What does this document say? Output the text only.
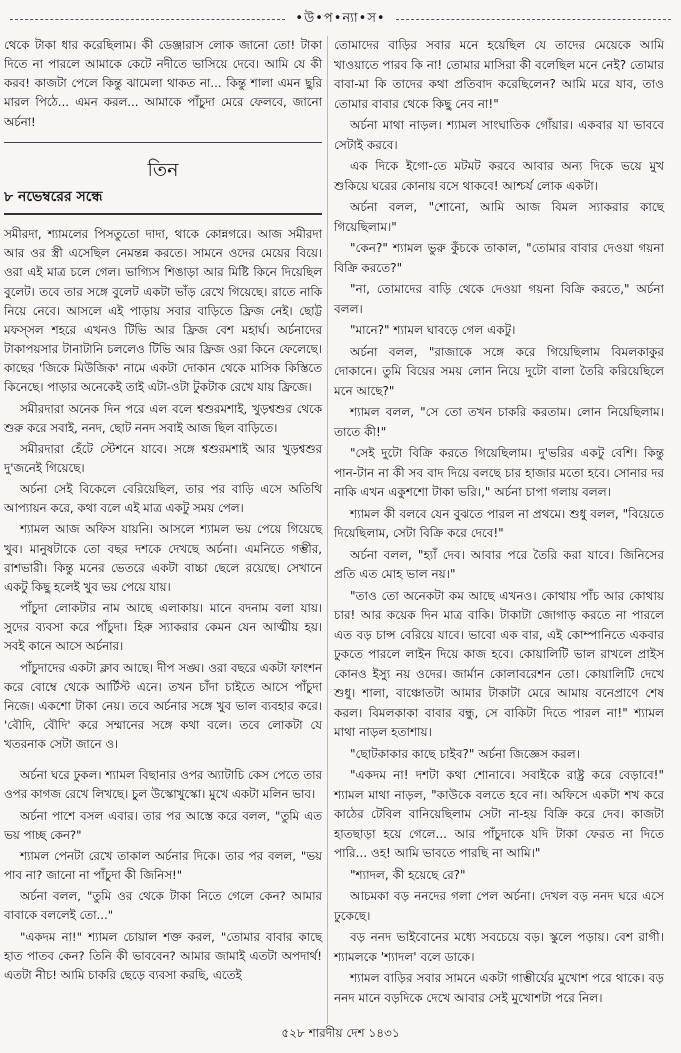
•উ•প•ন্যা•স•

থেকে টাকা ধার করেছিলাম। কী ডেঞ্জারাস লোক জানো তো! টাকা দিতে না পারলে আমাকে কেটে নদীতে ভাসিয়ে দেবে। আমি যে কী করব! কাজটা পেলে কিন্তু ঝামেলা থাকত না... কিন্তু শালা এমন ছুরি মারল পিঠে... এমন করল... আমাকে পাঁচুদা মেরে ফেলবে, জানো অর্চনা!

তিন
৮ নভেম্বরের সন্ধে

সমীরদা, শ্যামলের পিসতুতো দাদা, থাকে কোন্নগরে। আজ সমীরদা আর ওর স্ত্রী এসেছিল নেমন্তন্ন করতে। সামনে ওদের মেয়ের বিয়ে। ওরা এই মাত্র চলে গেল। ভাগ্যিস শিঙাড়া আর মিষ্টি কিনে দিয়েছিল বুলেট। তবে তার সঙ্গে বুলেট একটা ভাঁড় রেখে গিয়েছে। রাতে নাকি নিয়ে নেবে। আসলে এই পাড়ায় সবার বাড়িতে ফ্রিজ নেই। ছোট্ট মফস্সল শহরে এখনও টিভি আর ফ্রিজ বেশ মহার্ঘ। অর্চনাদের টাকাপয়সার টানাটানি চললেও টিভি আর ফ্রিজ ওরা কিনে ফেলেছে। কাছের 'জিকে মিউজিক' নামে একটা দোকান থেকে মাসিক কিস্তিতে কিনেছে। পাড়ার অনেকেই তাই এটা-ওটা টুকটাক রেখে যায় ফ্রিজে।

সমীরদারা অনেক দিন পরে এল বলে শ্বশুরমশাই, খুড়শ্বশুর থেকে শুরু করে সবাই, ননদ, ছোট ননদ সবাই আজ ছিল বাড়িতে।

সমীরদারা হেঁটে স্টেশনে যাবে। সঙ্গে শ্বশুরমশাই আর খুড়শ্বশুর দু'জনেই গিয়েছে।

অর্চনা সেই বিকেলে বেরিয়েছিল, তার পর বাড়ি এসে অতিথি আপ্যায়ন করে, কথা বলে এই মাত্র একটু সময় পেল।

শ্যামল আজ অফিস যায়নি। আসলে শ্যামল ভয় পেয়ে গিয়েছে খুব। মানুষটাকে তো বছর দশকে দেখছে অর্চনা। এমনিতে গম্ভীর, রাশভারী। কিন্তু মনের ভেতরে একটা বাচ্চা ছেলে রয়েছে। সেখানে একটু কিছু হলেই খুব ভয় পেয়ে যায়।

পাঁচুদা লোকটার নাম আছে এলাকায়। মানে বদনাম বলা যায়। সুদের ব্যবসা করে পাঁচুদা। হিরু স্যাকরার কেমন যেন আত্মীয় হয়। সবই কানে আসে অর্চনার।

পাঁচুদাদের একটা ক্লাব আছে। দীপ সঙ্ঘ। ওরা বছরে একটা ফাংশন করে বোম্বে থেকে আর্টিস্ট এনে। তখন চাঁদা চাইতে আসে পাঁচুদা নিজে। একশো টাকা নেয়। তবে অর্চনার সঙ্গে খুব ভাল ব্যবহার করে। 'বৌদি, বৌদি' করে সম্মানের সঙ্গে কথা বলে। তবে লোকটা যে খতরনাক সেটা জানে ও।

অর্চনা ঘরে ঢুকল। শ্যামল বিছানার ওপর অ্যাটাচি কেস পেতে তার ওপর কাগজ রেখে লিখছে। চুল উস্কোখুস্কো। মুখে একটা মলিন ভাব।

অর্চনা পাশে বসল এবার। তার পর আস্তে করে বলল, "তুমি এত ভয় পাচ্ছ কেন?"

শ্যামল পেনটা রেখে তাকাল অর্চনার দিকে। তার পর বলল, "ভয় পাব না? জানো না পাঁচুদা কী জিনিস!"

অর্চনা বলল, "তুমি ওর থেকে টাকা নিতে গেলে কেন? আমার বাবাকে বললেই তো..."

"একদম না!" শ্যামল চোয়াল শক্ত করল, "তোমার বাবার কাছে হাত পাতব কেন? তিনি কী ভাববেন? আমার জামাই এতটা অপদার্থ! এতটা নীচ! আমি চাকরি ছেড়ে ব্যবসা করছি, এতেই

তোমাদের বাড়ির সবার মনে হয়েছিল যে তাদের মেয়েকে আমি খাওয়াতে পারব কি না! তোমার মাসিরা কী বলেছিল মনে নেই? তোমার বাবা-মা কি তাদের কথা প্রতিবাদ করেছিলেন? আমি মরে যাব, তাও তোমার বাবার থেকে কিছু নেব না!"

অর্চনা মাথা নাড়ল। শ্যামল সাংঘাতিক গোঁয়ার। একবার যা ভাববে সেটাই করবে।

এক দিকে ইগো-তে মটমট করবে আবার অন্য দিকে ভয়ে মুখ শুকিয়ে ঘরের কোনায় বসে থাকবে! আশ্চর্য লোক একটা।

অর্চনা বলল, "শোনো, আমি আজ বিমল স্যাকরার কাছে গিয়েছিলাম।"

"কেন?" শ্যামল ভুরু কুঁচকে তাকাল, "তোমার বাবার দেওয়া গয়না বিক্রি করতে?"

"না, তোমাদের বাড়ি থেকে দেওয়া গয়না বিক্রি করতে," অর্চনা বলল।

"মানে?" শ্যামল ঘাবড়ে গেল একটু।

অর্চনা বলল, "রাজাকে সঙ্গে করে গিয়েছিলাম বিমলকাকুর দোকানে। তুমি বিয়ের সময় লোন নিয়ে দুটো বালা তৈরি করিয়েছিলে মনে আছে?"

শ্যামল বলল, "সে তো তখন চাকরি করতাম। লোন নিয়েছিলাম। তাতে কী!"

"সেই দুটো বিক্রি করতে গিয়েছিলাম। দু'ভরির একটু বেশি। কিন্তু পান-টান না কী সব বাদ দিয়ে বলছে চার হাজার মতো হবে। সোনার দর নাকি এখন একুশশো টাকা ভরি।," অর্চনা চাপা গলায় বলল।

শ্যামল কী বলবে যেন বুঝতে পারল না প্রথমে। শুধু বলল, "বিয়েতে দিয়েছিলাম, সেটা বিক্রি করে দেবে!"

অর্চনা বলল, "হ্যাঁ দেব। আবার পরে তৈরি করা যাবে। জিনিসের প্রতি এত মোহ ভাল নয়।"

"তাও তো অনেকটা কম আছে এখনও। কোথায় পাঁচ আর কোথায় চার! আর কয়েক দিন মাত্র বাকি। টাকাটা জোগাড় করতে না পারলে এত বড় চান্স বেরিয়ে যাবে। ভাবো এক বার, এই কোম্পানিতে একবার ঢুকতে পারলে লাইন দিয়ে কাজ হবে। কোয়ালিটি ভাল রাখলে প্রাইস কোনও ইস্যু নয় ওদের। জার্মান কোলাবরেশন তো। কোয়ালিটি দেখে শুধু। শালা, বাঞ্চোতটা আমার টাকাটা মেরে আমায় বনেপ্রাণে শেষ করল। বিমলকাকা বাবার বন্ধু, সে বাকিটা দিতে পারল না!" শ্যামল মাথা নাড়ল হতাশায়।

"ছোটকাকার কাছে চাইব?" অর্চনা জিজ্ঞেস করল।

"একদম না! দশটা কথা শোনাবে। সবাইকে রাষ্ট্র করে বেড়াবে!" শ্যামল মাথা নাড়ল, "কাউকে বলতে হবে না। অফিসে একটা শখ করে কাঠের টেবিল বানিয়েছিলাম সেটা না-হয় বিক্রি করে দেব। কাজটা হাতছাড়া হয়ে গেলে... আর পাঁচুদাকে যদি টাকা ফেরত না দিতে পারি... ওহ! আমি ভাবতে পারছি না আমি।"

"শ্যাদল, কী হয়েছে রে?"

আচমকা বড় ননদের গলা পেল অর্চনা। দেখল বড় ননদ ঘরে এসে ঢুকেছে।

বড় ননদ ভাইবোনের মধ্যে সবচেয়ে বড়। স্কুলে পড়ায়। বেশ রাগী। শ্যামলকে 'শ্যাদল' বলে ডাকে।

শ্যামল বাড়ির সবার সামনে একটা গাম্ভীর্যের মুখোশ পরে থাকে। বড় ননদ মানে বড়দিকে দেখে আবার সেই মুখোশটা পরে নিল।

৫২৮ শারদীয় দেশ ১৪৩১
